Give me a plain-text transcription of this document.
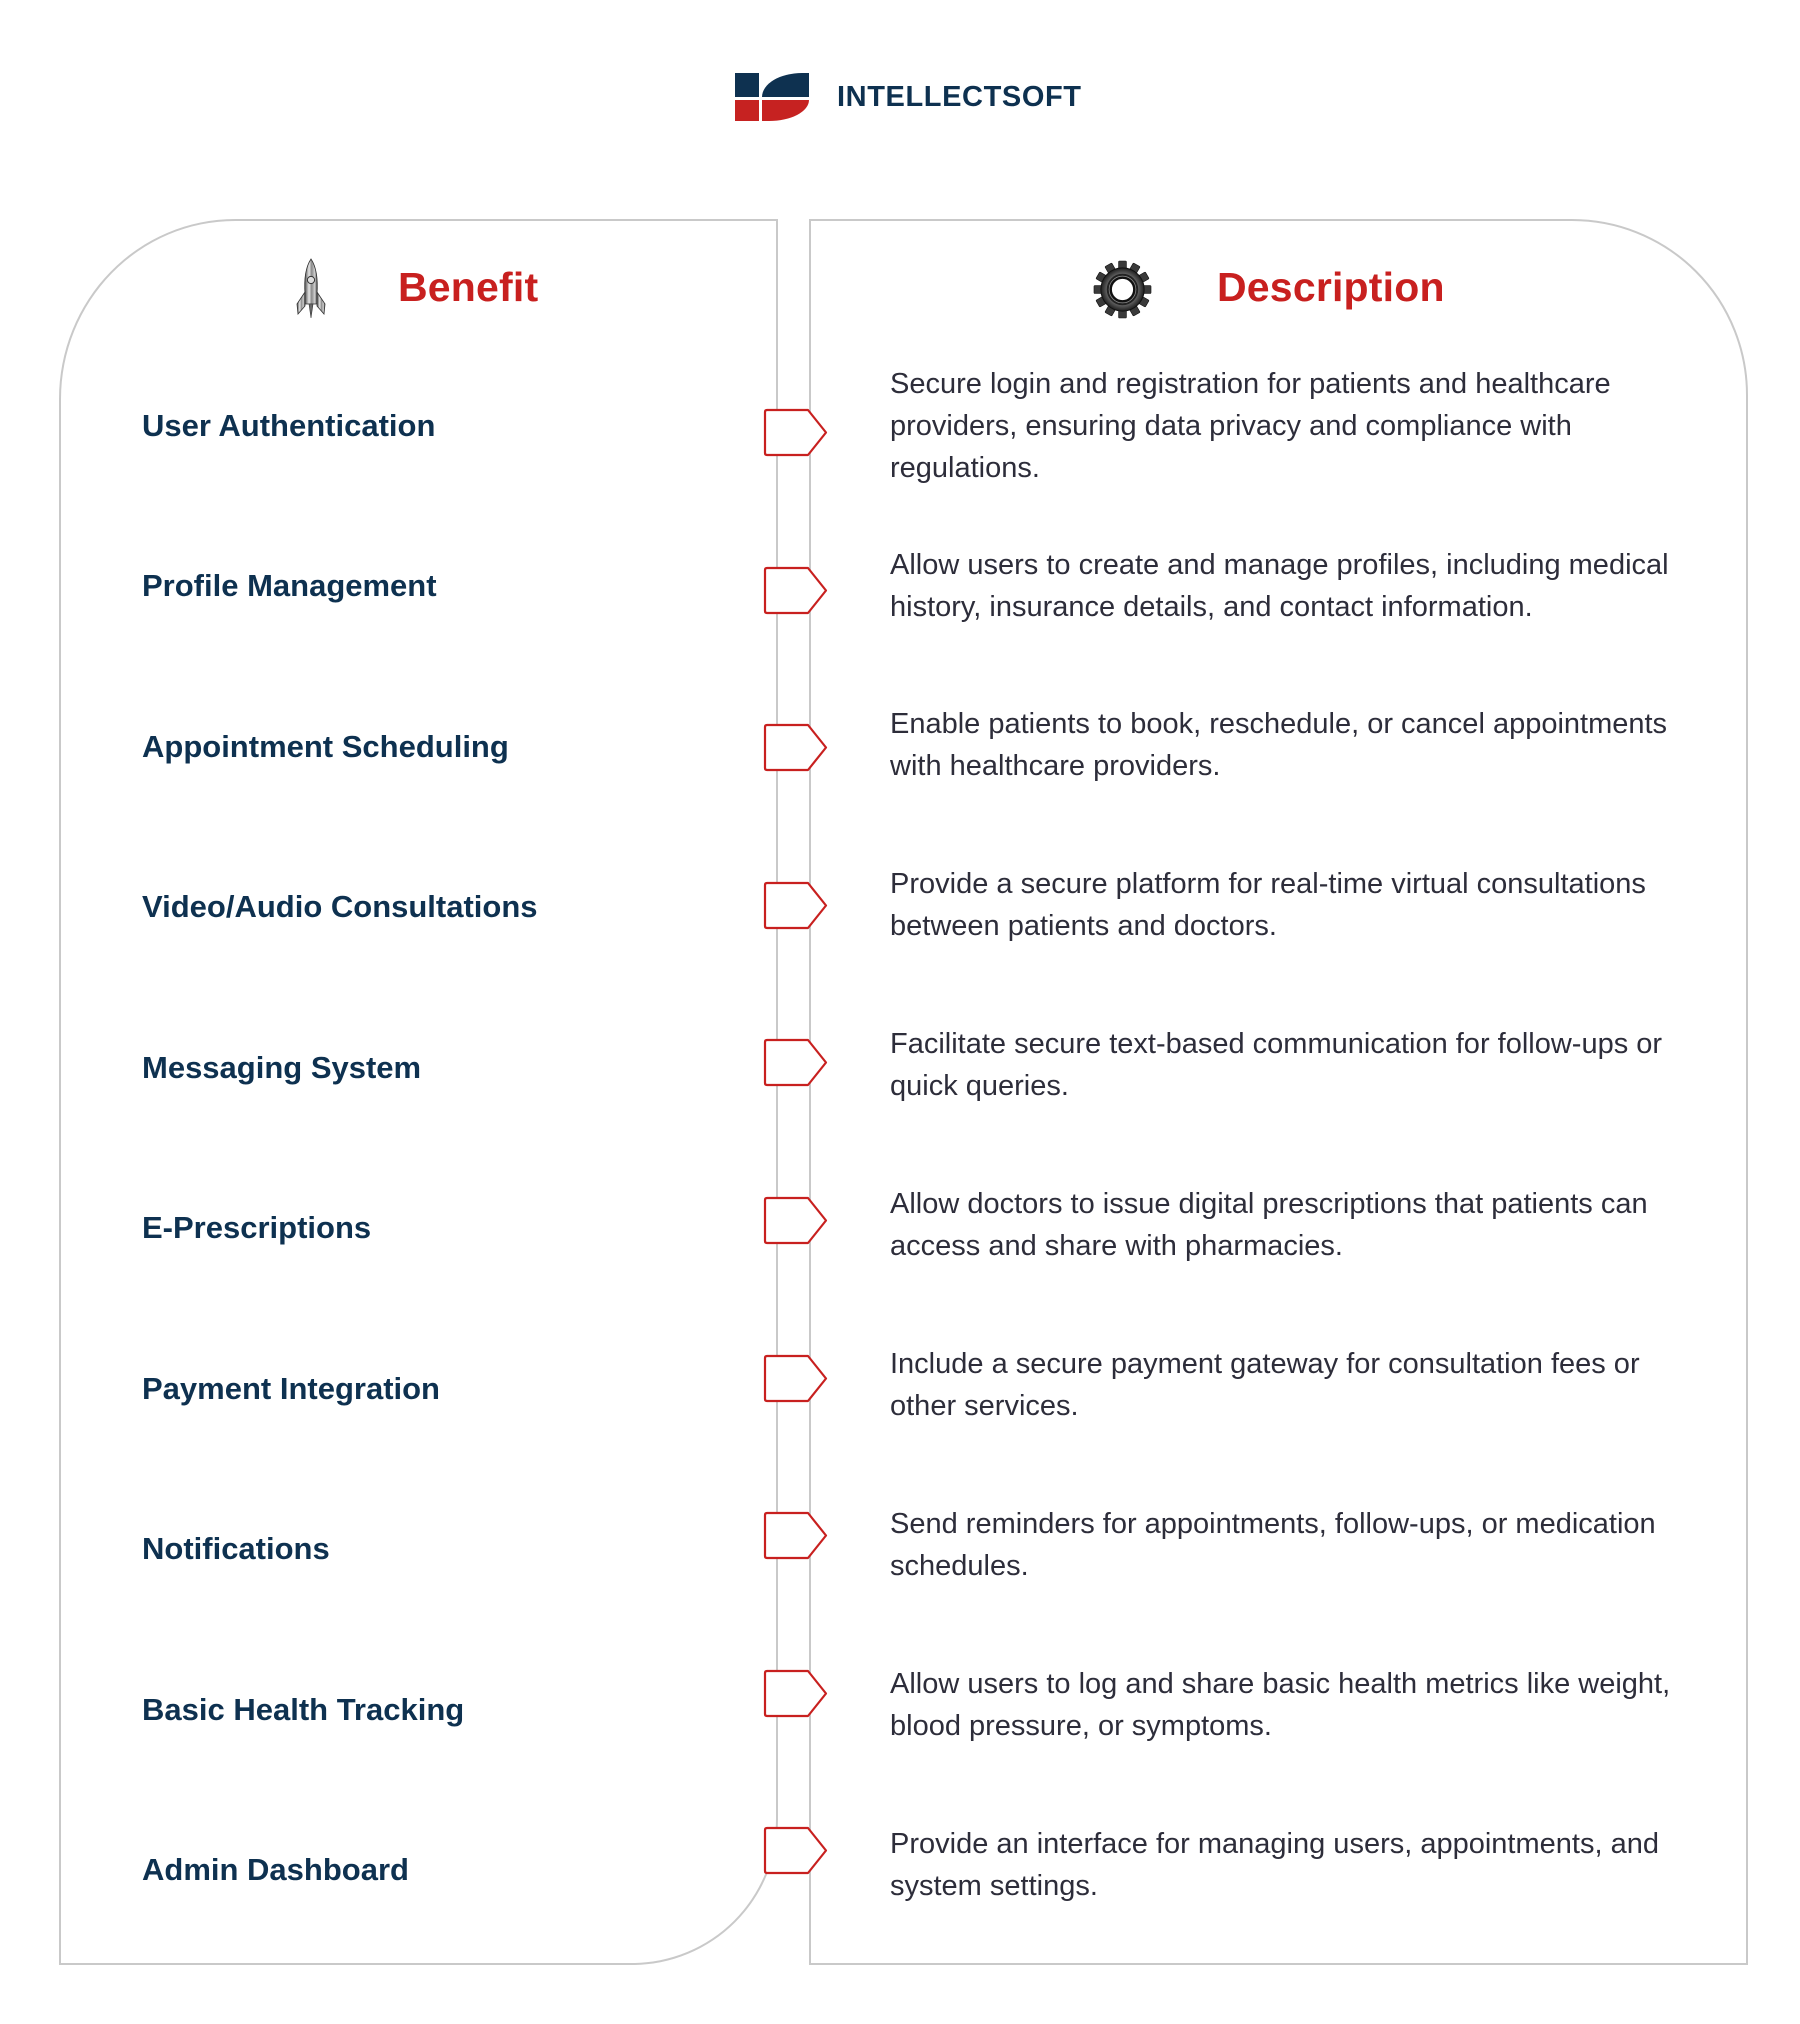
INTELLECTSOFT
Benefit	Description
User Authentication
Profile Management
Appointment Scheduling
Video/Audio Consultations
Messaging System
E-Prescriptions
Payment Integration
Notifications
Basic Health Tracking
Admin Dashboard
Secure login and registration for patients and healthcare providers, ensuring data privacy and compliance with regulations.
Allow users to create and manage profiles, including medical history, insurance details, and contact information.
Enable patients to book, reschedule, or cancel appointments with healthcare providers.
Provide a secure platform for real-time virtual consultations between patients and doctors.
Facilitate secure text-based communication for follow-ups or quick queries.
Allow doctors to issue digital prescriptions that patients can access and share with pharmacies.
Include a secure payment gateway for consultation fees or other services.
Send reminders for appointments, follow-ups, or medication schedules.
Allow users to log and share basic health metrics like weight, blood pressure, or symptoms.
Provide an interface for managing users, appointments, and system settings.
